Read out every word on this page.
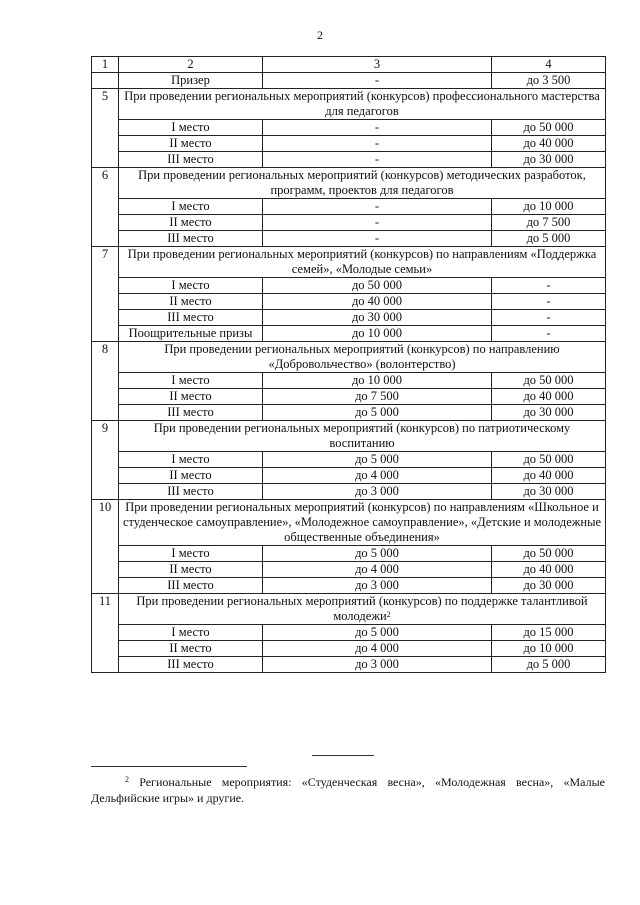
2
1	2	3	4
	Призер	-	до 3 500
5	При проведении региональных мероприятий (конкурсов) профессионального мастерства для педагогов		
	I место	-	до 50 000
	II место	-	до 40 000
	III место	-	до 30 000
6	При проведении региональных мероприятий (конкурсов) методических разработок, программ, проектов для педагогов		
	I место	-	до 10 000
	II место	-	до 7 500
	III место	-	до 5 000
7	При проведении региональных мероприятий (конкурсов) по направлениям «Поддержка семей», «Молодые семьи»		
	I место	до 50 000	-
	II место	до 40 000	-
	III место	до 30 000	-
	Поощрительные призы	до 10 000	-
8	При проведении региональных мероприятий (конкурсов) по направлению «Добровольчество» (волонтерство)		
	I место	до 10 000	до 50 000
	II место	до 7 500	до 40 000
	III место	до 5 000	до 30 000
9	При проведении региональных мероприятий (конкурсов) по патриотическому воспитанию		
	I место	до 5 000	до 50 000
	II место	до 4 000	до 40 000
	III место	до 3 000	до 30 000
10	При проведении региональных мероприятий (конкурсов) по направлениям «Школьное и студенческое самоуправление», «Молодежное самоуправление», «Детские и молодежные общественные объединения»		
	I место	до 5 000	до 50 000
	II место	до 4 000	до 40 000
	III место	до 3 000	до 30 000
11	При проведении региональных мероприятий (конкурсов) по поддержке талантливой молодежи$^2$
	I место	до 5 000	до 15 000
	II место	до 4 000	до 10 000
	III место	до 3 000	до 5 000
$^2$ Региональные мероприятия: «Студенческая весна», «Молодежная весна», «Малые Дельфийские игры» и другие.
